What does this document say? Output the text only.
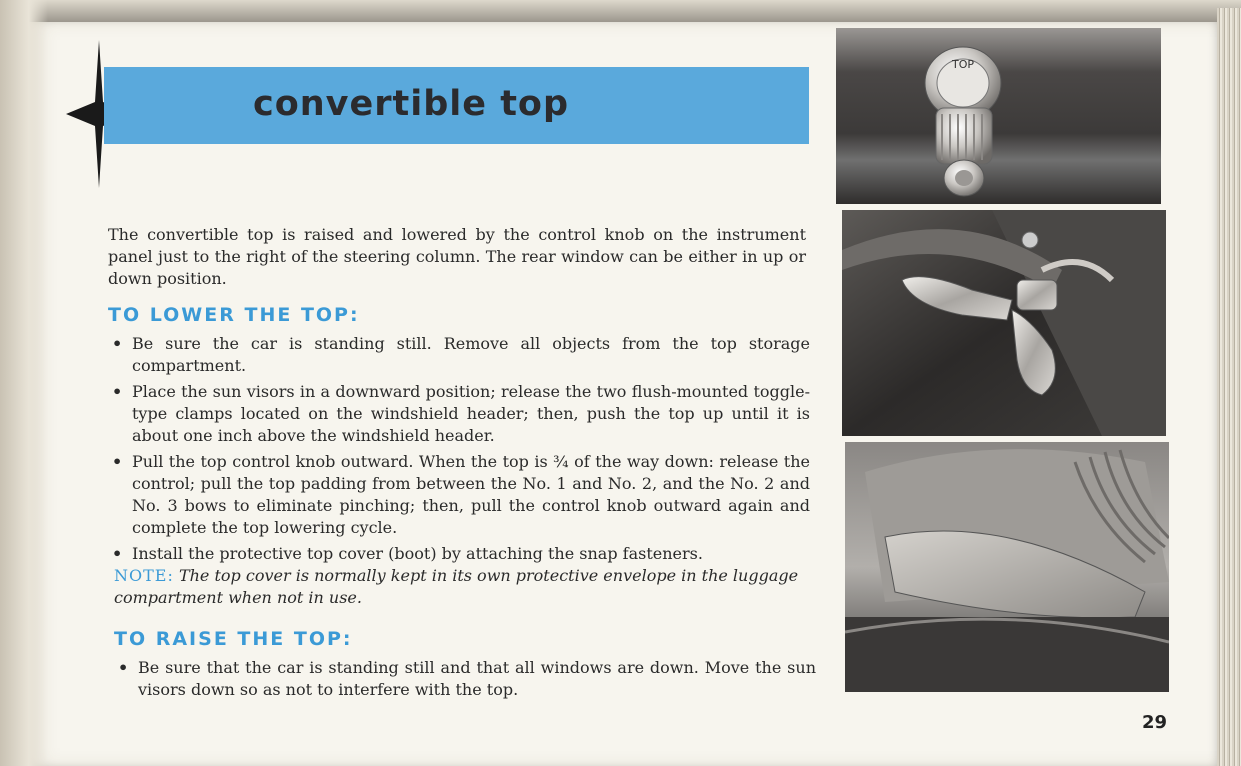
convertible top

The convertible top is raised and lowered by the control knob on the instrument panel just to the right of the steering column. The rear window can be either in up or down position.

TO LOWER THE TOP:
• Be sure the car is standing still. Remove all objects from the top storage compartment.
• Place the sun visors in a downward position; release the two flush-mounted toggle-type clamps located on the windshield header; then, push the top up until it is about one inch above the windshield header.
• Pull the top control knob outward. When the top is ¾ of the way down: release the control; pull the top padding from between the No. 1 and No. 2, and the No. 2 and No. 3 bows to eliminate pinching; then, pull the control knob outward again and complete the top lowering cycle.
• Install the protective top cover (boot) by attaching the snap fasteners.

NOTE: The top cover is normally kept in its own protective envelope in the luggage compartment when not in use.

TO RAISE THE TOP:
• Be sure that the car is standing still and that all windows are down. Move the sun visors down so as not to interfere with the top.

29

TOP
